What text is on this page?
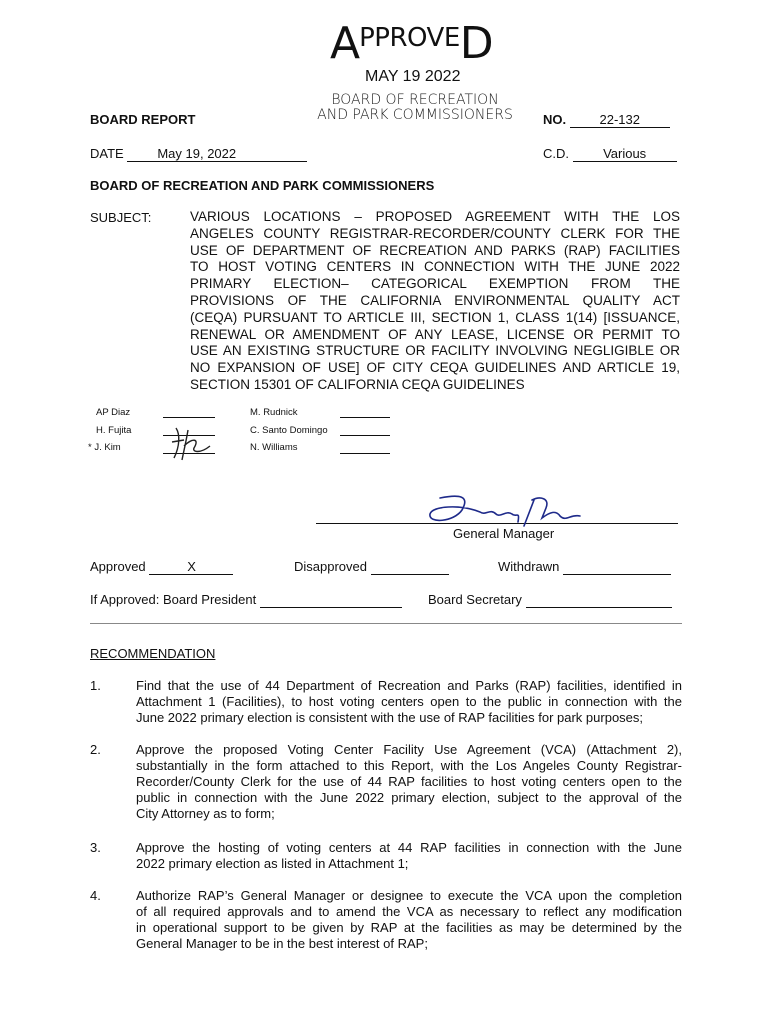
APPROVED
MAY 19 2022
BOARD OF RECREATION
AND PARK COMMISSIONERS
BOARD REPORT	NO.	22-132
DATE	May 19, 2022	C.D.	Various
BOARD OF RECREATION AND PARK COMMISSIONERS
SUBJECT:	VARIOUS LOCATIONS – PROPOSED AGREEMENT WITH THE LOS
ANGELES COUNTY REGISTRAR-RECORDER/COUNTY CLERK FOR THE
USE OF DEPARTMENT OF RECREATION AND PARKS (RAP) FACILITIES
TO HOST VOTING CENTERS IN CONNECTION WITH THE JUNE 2022
PRIMARY ELECTION– CATEGORICAL EXEMPTION FROM THE
PROVISIONS OF THE CALIFORNIA ENVIRONMENTAL QUALITY ACT
(CEQA) PURSUANT TO ARTICLE III, SECTION 1, CLASS 1(14) [ISSUANCE,
RENEWAL OR AMENDMENT OF ANY LEASE, LICENSE OR PERMIT TO
USE AN EXISTING STRUCTURE OR FACILITY INVOLVING NEGLIGIBLE OR
NO EXPANSION OF USE] OF CITY CEQA GUIDELINES AND ARTICLE 19,
SECTION 15301 OF CALIFORNIA CEQA GUIDELINES
AP Diaz
H. Fujita
* J. Kim
M. Rudnick
C. Santo Domingo
N. Williams
General Manager
Approved	X	Disapproved	Withdrawn
If Approved: Board President	Board Secretary
RECOMMENDATION
1.	Find that the use of 44 Department of Recreation and Parks (RAP) facilities, identified in
Attachment 1 (Facilities), to host voting centers open to the public in connection with the
June 2022 primary election is consistent with the use of RAP facilities for park purposes;
2.	Approve the proposed Voting Center Facility Use Agreement (VCA) (Attachment 2),
substantially in the form attached to this Report, with the Los Angeles County Registrar-
Recorder/County Clerk for the use of 44 RAP facilities to host voting centers open to the
public in connection with the June 2022 primary election, subject to the approval of the
City Attorney as to form;
3.	Approve the hosting of voting centers at 44 RAP facilities in connection with the June
2022 primary election as listed in Attachment 1;
4.	Authorize RAP’s General Manager or designee to execute the VCA upon the completion
of all required approvals and to amend the VCA as necessary to reflect any modification
in operational support to be given by RAP at the facilities as may be determined by the
General Manager to be in the best interest of RAP;
